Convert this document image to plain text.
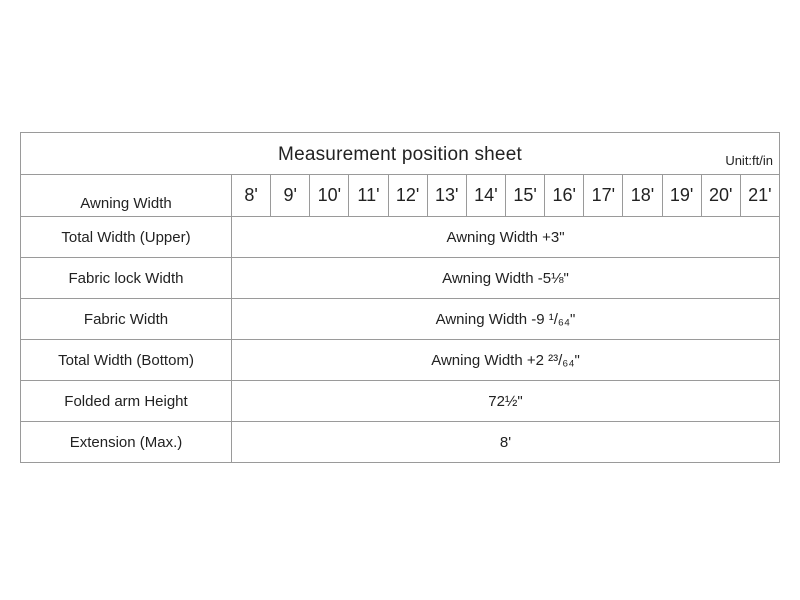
Measurement position sheet	Unit:ft/in
Awning Width	8'	9'	10' 11' 12' 13' 14' 15' 16' 17' 18' 19' 20' 21'
Total Width (Upper)	Awning Width +3"
Fabric lock Width	Awning Width -5⅛"
Fabric Width	Awning Width -9 ¹/₆₄"
Total Width (Bottom)	Awning Width +2 ²³/₆₄"
Folded arm Height	72½"
Extension (Max.)	8'
